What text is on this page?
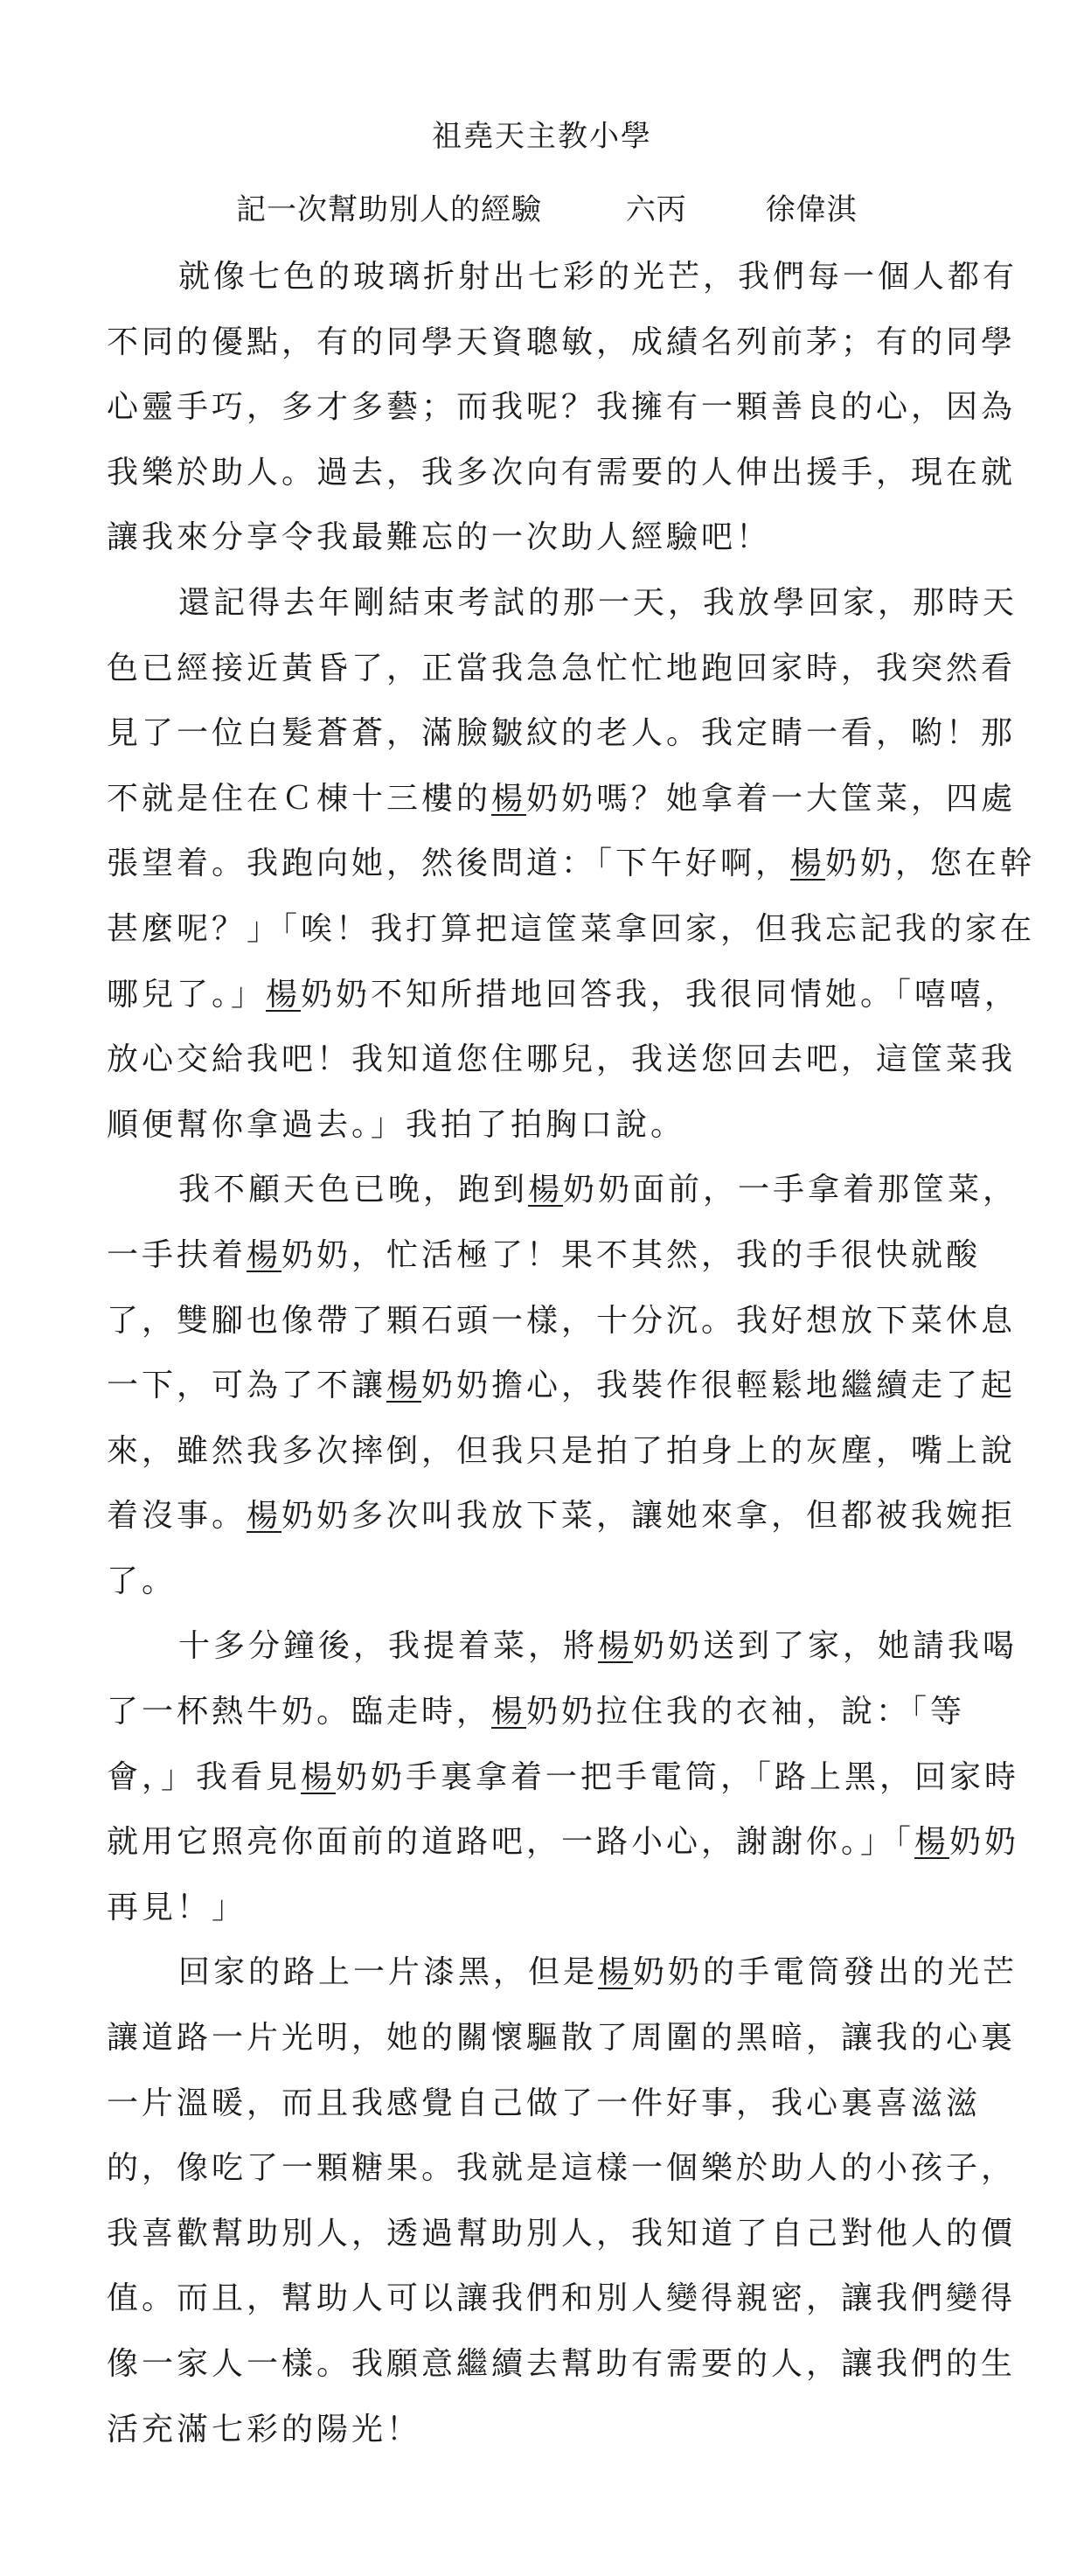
祖堯天主教小學
記一次幫助別人的經驗	六丙	徐偉淇
就像七色的玻璃折射出七彩的光芒，我們每一個人都有
不同的優點，有的同學天資聰敏，成績名列前茅；有的同學
心靈手巧，多才多藝；而我呢？我擁有一顆善良的心，因為
我樂於助人。過去，我多次向有需要的人伸出援手，現在就
讓我來分享令我最難忘的一次助人經驗吧！
還記得去年剛結束考試的那一天，我放學回家，那時天
色已經接近黃昏了，正當我急急忙忙地跑回家時，我突然看
見了一位白髮蒼蒼，滿臉皺紋的老人。我定睛一看，喲！那
不就是住在Ｃ棟十三樓的楊奶奶嗎？她拿着一大筐菜，四處
張望着。我跑向她，然後問道：「下午好啊，楊奶奶，您在幹
甚麼呢？」「唉！我打算把這筐菜拿回家，但我忘記我的家在
哪兒了。」楊奶奶不知所措地回答我，我很同情她。「嘻嘻，
放心交給我吧！我知道您住哪兒，我送您回去吧，這筐菜我
順便幫你拿過去。」我拍了拍胸口說。
我不顧天色已晚，跑到楊奶奶面前，一手拿着那筐菜，
一手扶着楊奶奶，忙活極了！果不其然，我的手很快就酸
了，雙腳也像帶了顆石頭一樣，十分沉。我好想放下菜休息
一下，可為了不讓楊奶奶擔心，我裝作很輕鬆地繼續走了起
來，雖然我多次摔倒，但我只是拍了拍身上的灰塵，嘴上說
着沒事。楊奶奶多次叫我放下菜，讓她來拿，但都被我婉拒
了。
十多分鐘後，我提着菜，將楊奶奶送到了家，她請我喝
了一杯熱牛奶。臨走時，楊奶奶拉住我的衣袖，說：「等
會，」我看見楊奶奶手裏拿着一把手電筒，「路上黑，回家時
就用它照亮你面前的道路吧，一路小心，謝謝你。」「楊奶奶
再見！」
回家的路上一片漆黑，但是楊奶奶的手電筒發出的光芒
讓道路一片光明，她的關懷驅散了周圍的黑暗，讓我的心裏
一片溫暖，而且我感覺自己做了一件好事，我心裏喜滋滋
的，像吃了一顆糖果。我就是這樣一個樂於助人的小孩子，
我喜歡幫助別人，透過幫助別人，我知道了自己對他人的價
值。而且，幫助人可以讓我們和別人變得親密，讓我們變得
像一家人一樣。我願意繼續去幫助有需要的人，讓我們的生
活充滿七彩的陽光！
